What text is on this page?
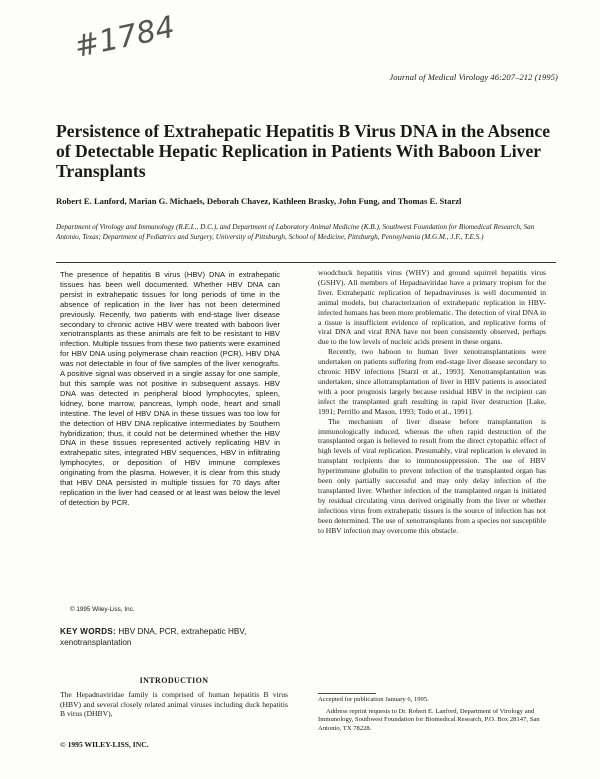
#1784
Journal of Medical Virology 46:207–212 (1995)
Persistence of Extrahepatic Hepatitis B Virus DNA in the Absence of Detectable Hepatic Replication in Patients With Baboon Liver Transplants
Robert E. Lanford, Marian G. Michaels, Deborah Chavez, Kathleen Brasky, John Fung, and Thomas E. Starzl
Department of Virology and Immunology (R.E.L., D.C.), and Department of Laboratory Animal Medicine (K.B.), Southwest Foundation for Biomedical Research, San Antonio, Texas; Department of Pediatrics and Surgery, University of Pittsburgh, School of Medicine, Pittsburgh, Pennsylvania (M.G.M., J.F., T.E.S.)

The presence of hepatitis B virus (HBV) DNA in extrahepatic tissues has been well documented. Whether HBV DNA can persist in extrahepatic tissues for long periods of time in the absence of replication in the liver has not been determined previously. Recently, two patients with end-stage liver disease secondary to chronic active HBV were treated with baboon liver xenotransplants as these animals are felt to be resistant to HBV infection. Multiple tissues from these two patients were examined for HBV DNA using polymerase chain reaction (PCR). HBV DNA was not detectable in four of five samples of the liver xenografts. A positive signal was observed in a single assay for one sample, but this sample was not positive in subsequent assays. HBV DNA was detected in peripheral blood lymphocytes, spleen, kidney, bone marrow, pancreas, lymph node, heart and small intestine. The level of HBV DNA in these tissues was too low for the detection of HBV DNA replicative intermediates by Southern hybridization; thus, it could not be determined whether the HBV DNA in these tissues represented actively replicating HBV in extrahepatic sites, integrated HBV sequences, HBV in infiltrating lymphocytes, or deposition of HBV immune complexes originating from the plasma. However, it is clear from this study that HBV DNA persisted in multiple tissues for 70 days after replication in the liver had ceased or at least was below the level of detection by PCR.

© 1995 Wiley-Liss, Inc.
KEY WORDS: HBV DNA, PCR, extrahepatic HBV, xenotransplantation
INTRODUCTION

The Hepadnaviridae family is comprised of human hepatitis B virus (HBV) and several closely related animal viruses including duck hepatitis B virus (DHBV),

© 1995 WILEY-LISS, INC.

woodchuck hepatitis virus (WHV) and ground squirrel hepatitis virus (GSHV). All members of Hepadnaviridae have a primary tropism for the liver. Extrahepatic replication of hepadnaviruses is well documented in animal models, but characterization of extrahepatic replication in HBV-infected humans has been more problematic. The detection of viral DNA in a tissue is insufficient evidence of replication, and replicative forms of viral DNA and viral RNA have not been consistently observed, perhaps due to the low levels of nucleic acids present in these organs.

Recently, two baboon to human liver xenotransplantations were undertaken on patients suffering from end-stage liver disease secondary to chronic HBV infections [Starzl et al., 1993]. Xenotransplantation was undertaken, since allotransplantation of liver in HBV patients is associated with a poor prognosis largely because residual HBV in the recipient can infect the transplanted graft resulting in rapid liver destruction [Lake, 1991; Perrillo and Mason, 1993; Todo et al., 1991].

The mechanism of liver disease before transplantation is immunologically induced, whereas the often rapid destruction of the transplanted organ is believed to result from the direct cytopathic effect of high levels of viral replication. Presumably, viral replication is elevated in transplant recipients due to immunosuppression. The use of HBV hyperimmune globulin to prevent infection of the transplanted organ has been only partially successful and may only delay infection of the transplanted liver. Whether infection of the transplanted organ is initiated by residual circulating virus derived originally from the liver or whether infectious virus from extrahepatic tissues is the source of infection has not been determined. The use of xenotransplants from a species not susceptible to HBV infection may overcome this obstacle.

Accepted for publication January 6, 1995.

Address reprint requests to Dr. Robert E. Lanford, Department of Virology and Immunology, Southwest Foundation for Biomedical Research, P.O. Box 28147, San Antonio, TX 78228.
